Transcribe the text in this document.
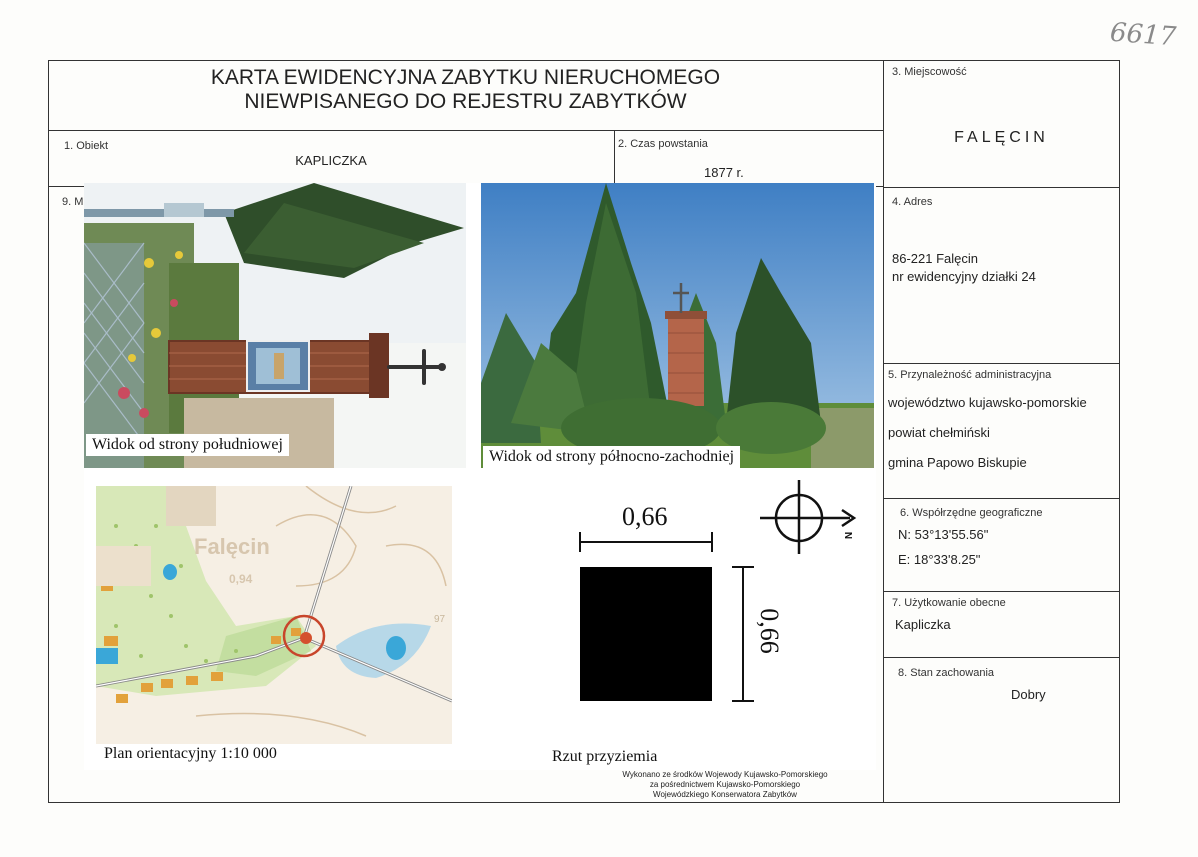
6617
KARTA EWIDENCYJNA ZABYTKU NIERUCHOMEGO
NIEWPISANEGO DO REJESTRU ZABYTKÓW
1. Obiekt
KAPLICZKA
2. Czas powstania
1877 r.
3. Miejscowość
FALĘCIN
4. Adres
86-221 Falęcin
nr ewidencyjny działki 24
5. Przynależność administracyjna
województwo kujawsko-pomorskie
powiat chełmiński
gmina Papowo Biskupie
6. Współrzędne geograficzne
N: 53°13'55.56"
E: 18°33'8.25"
7. Użytkowanie obecne
Kapliczka
8. Stan zachowania
Dobry
9. M
Widok od strony południowej
Widok od strony północno-zachodniej
Falęcin
0,94
97
Plan orientacyjny 1:10 000
0,66
0,66
N
Rzut przyziemia
Wykonano ze środków Wojewody Kujawsko-Pomorskiego
za pośrednictwem Kujawsko-Pomorskiego
Wojewódzkiego Konserwatora Zabytków
